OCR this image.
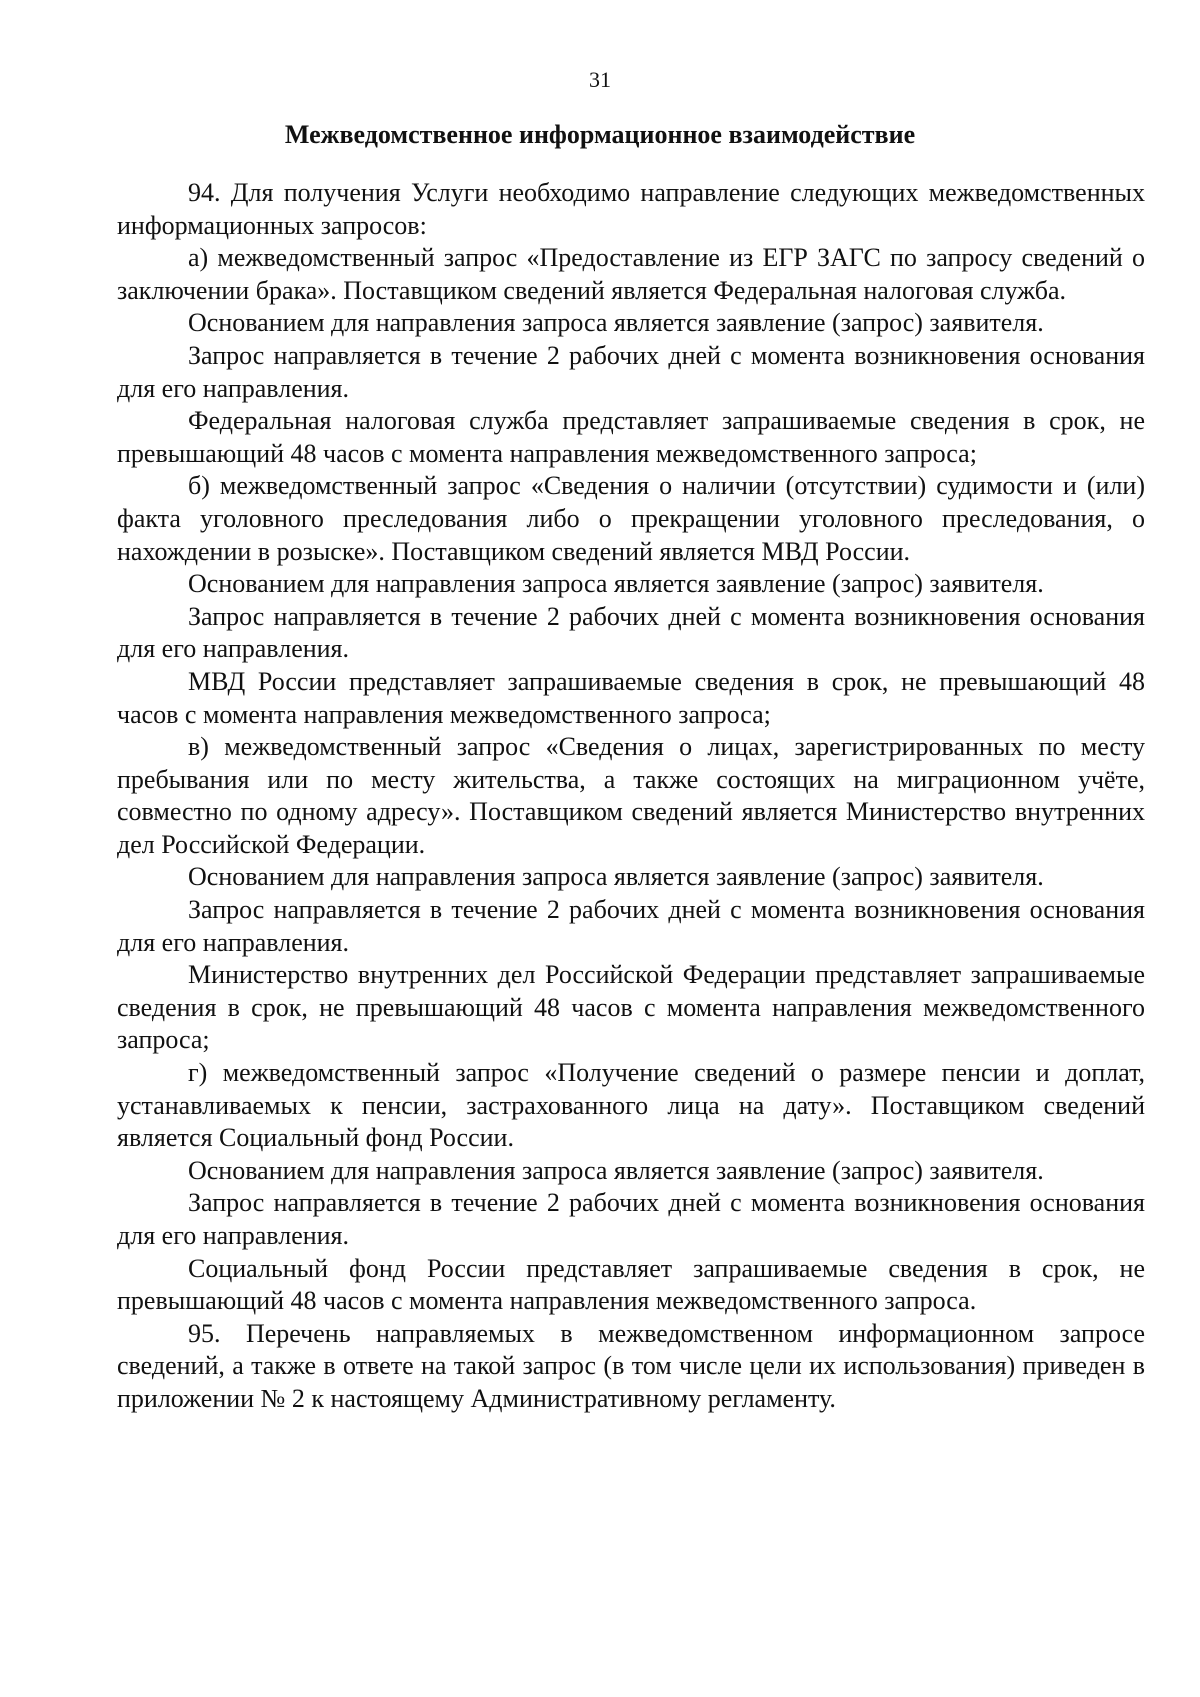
31
Межведомственное информационное взаимодействие

94. Для получения Услуги необходимо направление следующих межведомственных информационных запросов:

а) межведомственный запрос «Предоставление из ЕГР ЗАГС по запросу сведений о заключении брака». Поставщиком сведений является Федеральная налоговая служба.

Основанием для направления запроса является заявление (запрос) заявителя.

Запрос направляется в течение 2 рабочих дней с момента возникновения основания для его направления.

Федеральная налоговая служба представляет запрашиваемые сведения в срок, не превышающий 48 часов с момента направления межведомственного запроса;

б) межведомственный запрос «Сведения о наличии (отсутствии) судимости и (или) факта уголовного преследования либо о прекращении уголовного преследования, о нахождении в розыске». Поставщиком сведений является МВД России.

Основанием для направления запроса является заявление (запрос) заявителя.

Запрос направляется в течение 2 рабочих дней с момента возникновения основания для его направления.

МВД России представляет запрашиваемые сведения в срок, не превышающий 48 часов с момента направления межведомственного запроса;

в) межведомственный запрос «Сведения о лицах, зарегистрированных по месту пребывания или по месту жительства, а также состоящих на миграционном учёте, совместно по одному адресу». Поставщиком сведений является Министерство внутренних дел Российской Федерации.

Основанием для направления запроса является заявление (запрос) заявителя.

Запрос направляется в течение 2 рабочих дней с момента возникновения основания для его направления.

Министерство внутренних дел Российской Федерации представляет запрашиваемые сведения в срок, не превышающий 48 часов с момента направления межведомственного запроса;

г) межведомственный запрос «Получение сведений о размере пенсии и доплат, устанавливаемых к пенсии, застрахованного лица на дату». Поставщиком сведений является Социальный фонд России.

Основанием для направления запроса является заявление (запрос) заявителя.

Запрос направляется в течение 2 рабочих дней с момента возникновения основания для его направления.

Социальный фонд России представляет запрашиваемые сведения в срок, не превышающий 48 часов с момента направления межведомственного запроса.

95. Перечень направляемых в межведомственном информационном запросе сведений, а также в ответе на такой запрос (в том числе цели их использования) приведен в приложении № 2 к настоящему Административному регламенту.
